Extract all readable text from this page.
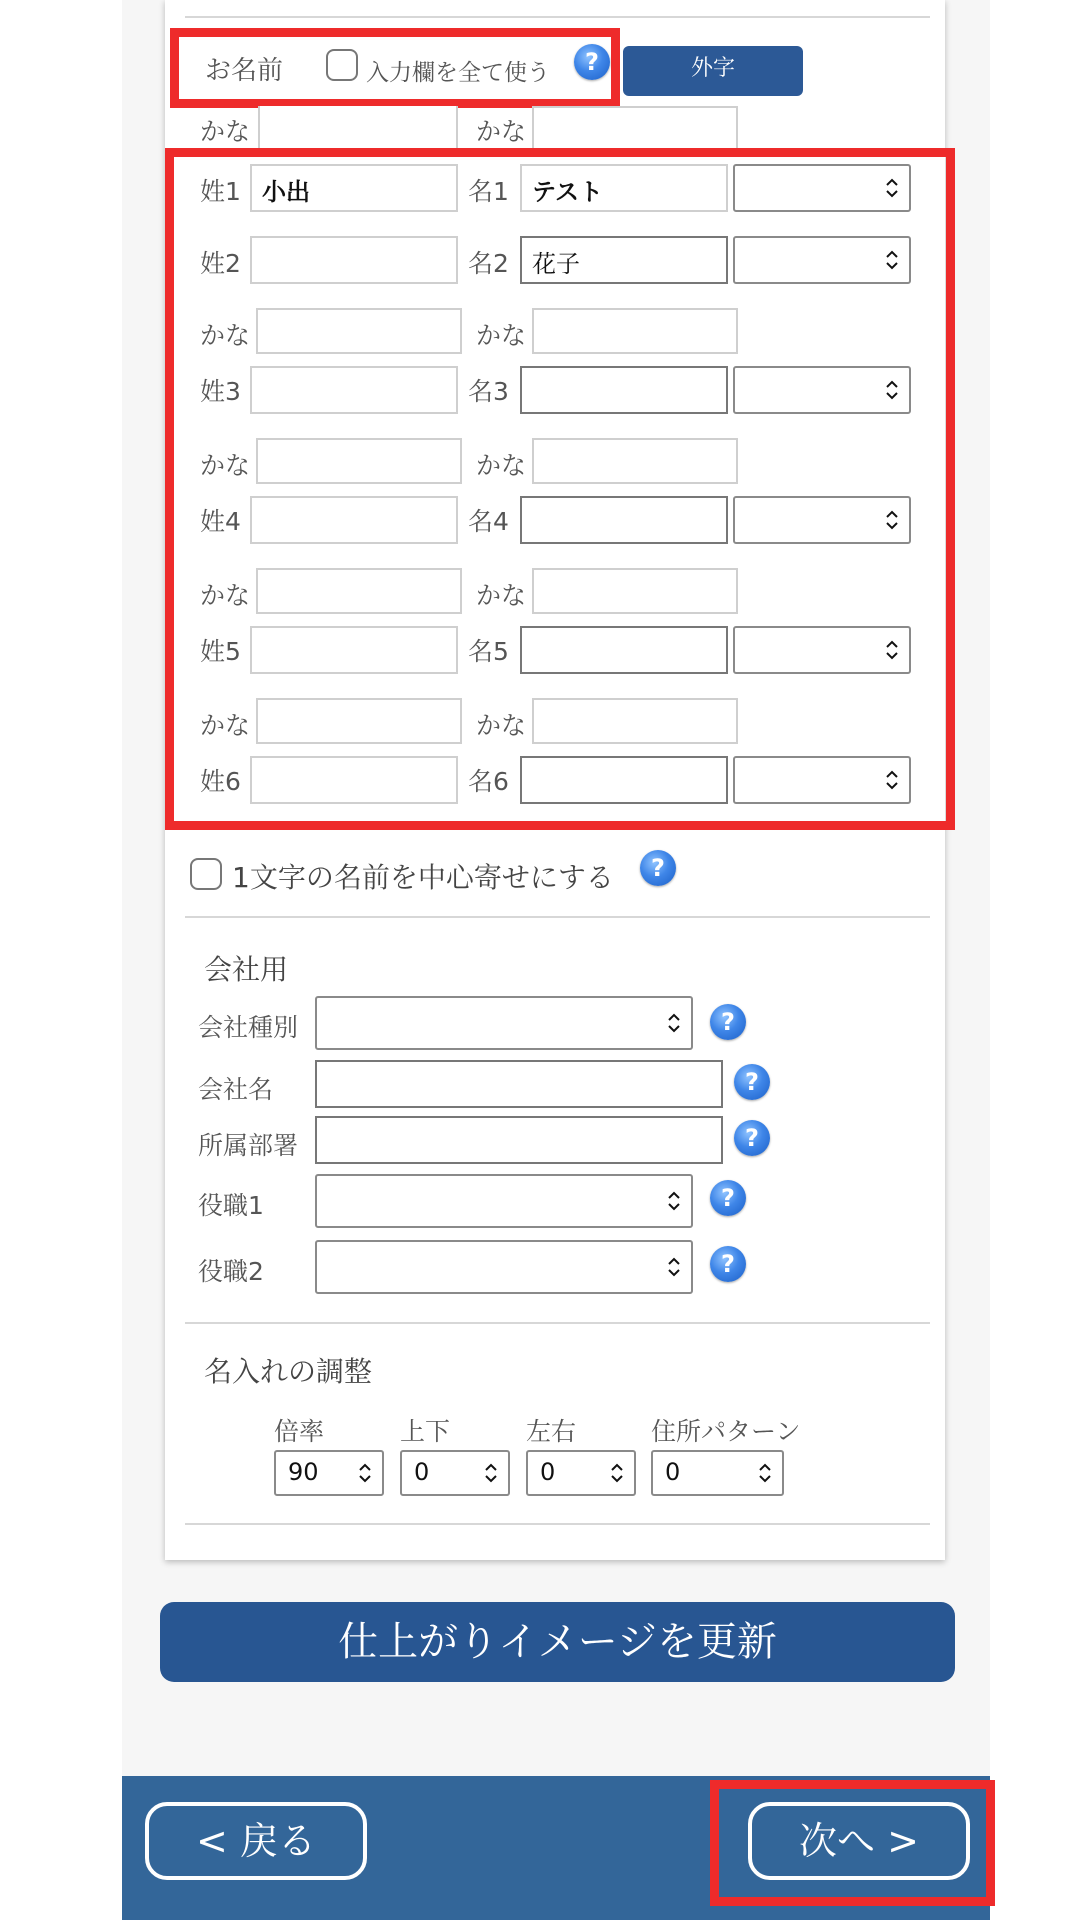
お名前	入力欄を全て使う	?	外字
かな	かな
姓1 小出	名1 テスト
姓2	名2 花子
かな	かな
姓3	名3
かな	かな
姓4	名4
かな	かな
姓5	名5
かな	かな
姓6	名6
1文字の名前を中心寄せにする	?
会社用
会社種別	?
会社名	?
所属部署	?
役職1	?
役職2	?
名入れの調整
倍率	上下	左右	住所パターン
90	0	0	0
仕上がりイメージを更新
< 戻る	次へ >
